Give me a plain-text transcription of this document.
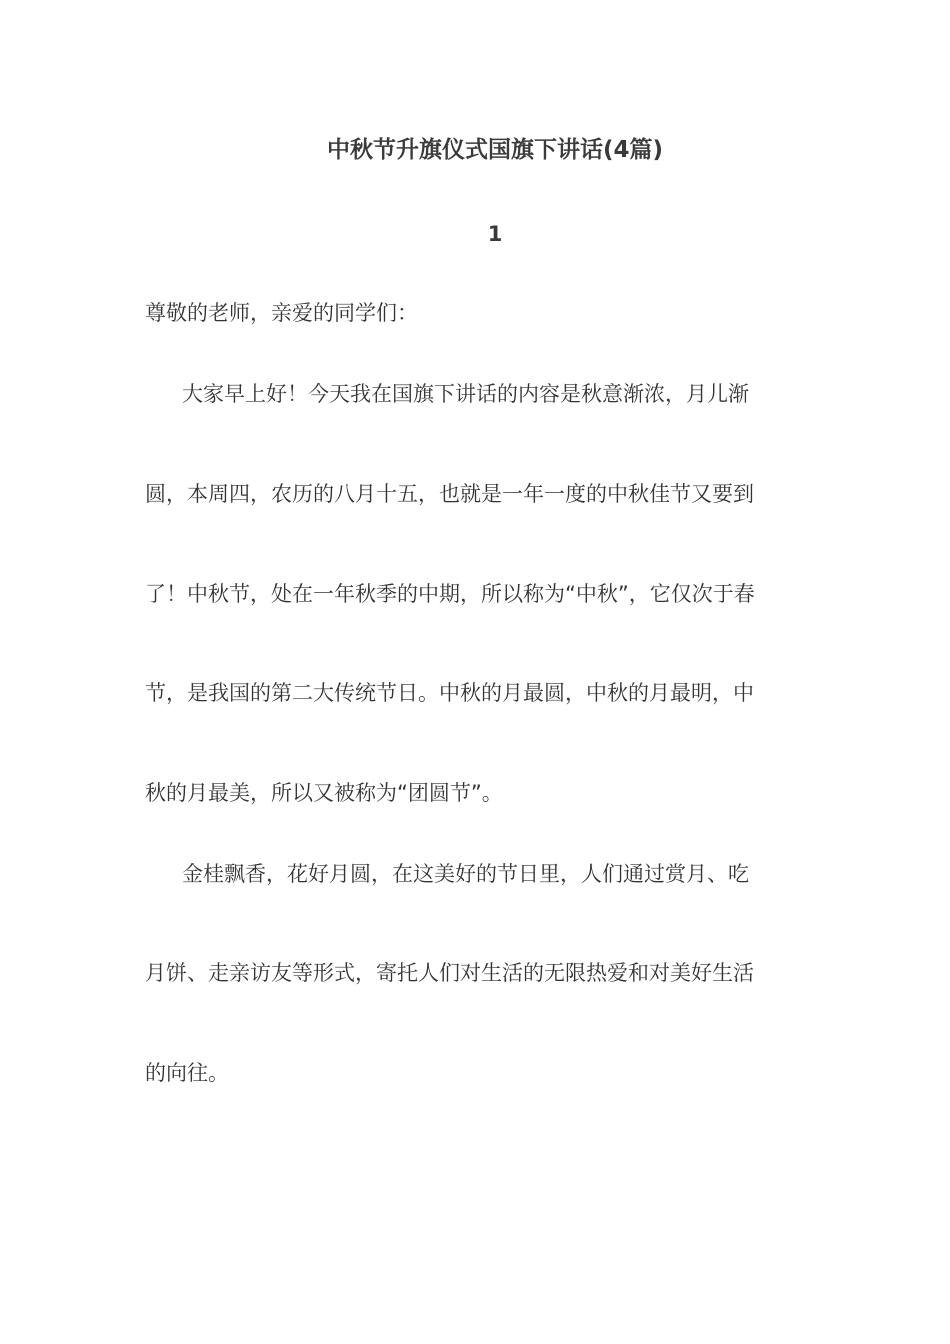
中秋节升旗仪式国旗下讲话(4篇)
1
尊敬的老师，亲爱的同学们：
大家早上好！今天我在国旗下讲话的内容是秋意渐浓，月儿渐
圆，本周四，农历的八月十五，也就是一年一度的中秋佳节又要到
了！中秋节，处在一年秋季的中期，所以称为“中秋”，它仅次于春
节，是我国的第二大传统节日。中秋的月最圆，中秋的月最明，中
秋的月最美，所以又被称为“团圆节”。
金桂飘香，花好月圆，在这美好的节日里，人们通过赏月、吃
月饼、走亲访友等形式，寄托人们对生活的无限热爱和对美好生活
的向往。
